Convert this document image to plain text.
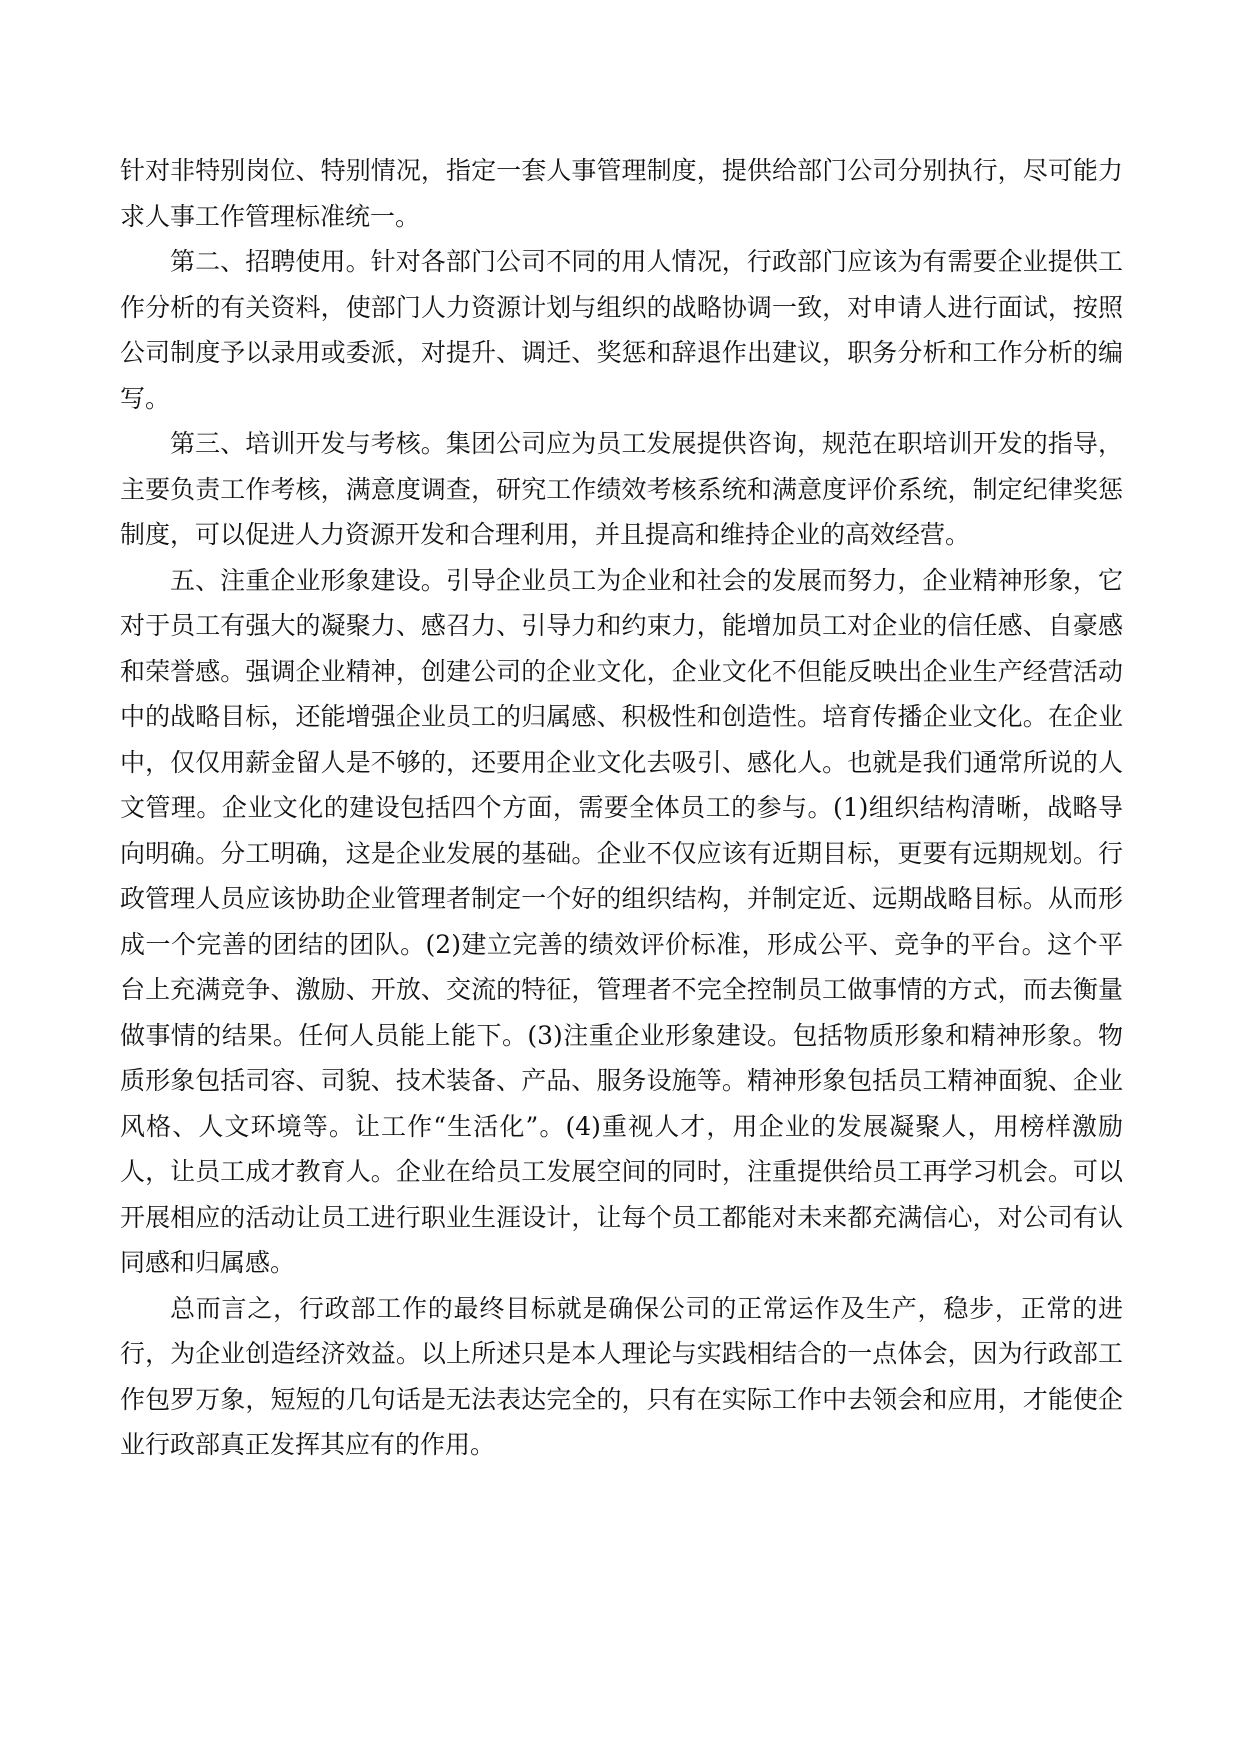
针对非特别岗位、特别情况，指定一套人事管理制度，提供给部门公司分别执行，尽可能力求人事工作管理标准统一。

第二、招聘使用。针对各部门公司不同的用人情况，行政部门应该为有需要企业提供工作分析的有关资料，使部门人力资源计划与组织的战略协调一致，对申请人进行面试，按照公司制度予以录用或委派，对提升、调迁、奖惩和辞退作出建议，职务分析和工作分析的编写。

第三、培训开发与考核。集团公司应为员工发展提供咨询，规范在职培训开发的指导，主要负责工作考核，满意度调查，研究工作绩效考核系统和满意度评价系统，制定纪律奖惩制度，可以促进人力资源开发和合理利用，并且提高和维持企业的高效经营。

五、注重企业形象建设。引导企业员工为企业和社会的发展而努力，企业精神形象，它对于员工有强大的凝聚力、感召力、引导力和约束力，能增加员工对企业的信任感、自豪感和荣誉感。强调企业精神，创建公司的企业文化，企业文化不但能反映出企业生产经营活动中的战略目标，还能增强企业员工的归属感、积极性和创造性。培育传播企业文化。在企业中，仅仅用薪金留人是不够的，还要用企业文化去吸引、感化人。也就是我们通常所说的人文管理。企业文化的建设包括四个方面，需要全体员工的参与。(1)组织结构清晰，战略导向明确。分工明确，这是企业发展的基础。企业不仅应该有近期目标，更要有远期规划。行政管理人员应该协助企业管理者制定一个好的组织结构，并制定近、远期战略目标。从而形成一个完善的团结的团队。(2)建立完善的绩效评价标准，形成公平、竞争的平台。这个平台上充满竞争、激励、开放、交流的特征，管理者不完全控制员工做事情的方式，而去衡量做事情的结果。任何人员能上能下。(3)注重企业形象建设。包括物质形象和精神形象。物质形象包括司容、司貌、技术装备、产品、服务设施等。精神形象包括员工精神面貌、企业风格、人文环境等。让工作“生活化”。(4)重视人才，用企业的发展凝聚人，用榜样激励人，让员工成才教育人。企业在给员工发展空间的同时，注重提供给员工再学习机会。可以开展相应的活动让员工进行职业生涯设计，让每个员工都能对未来都充满信心，对公司有认同感和归属感。

总而言之，行政部工作的最终目标就是确保公司的正常运作及生产，稳步，正常的进行，为企业创造经济效益。以上所述只是本人理论与实践相结合的一点体会，因为行政部工作包罗万象，短短的几句话是无法表达完全的，只有在实际工作中去领会和应用，才能使企业行政部真正发挥其应有的作用。
